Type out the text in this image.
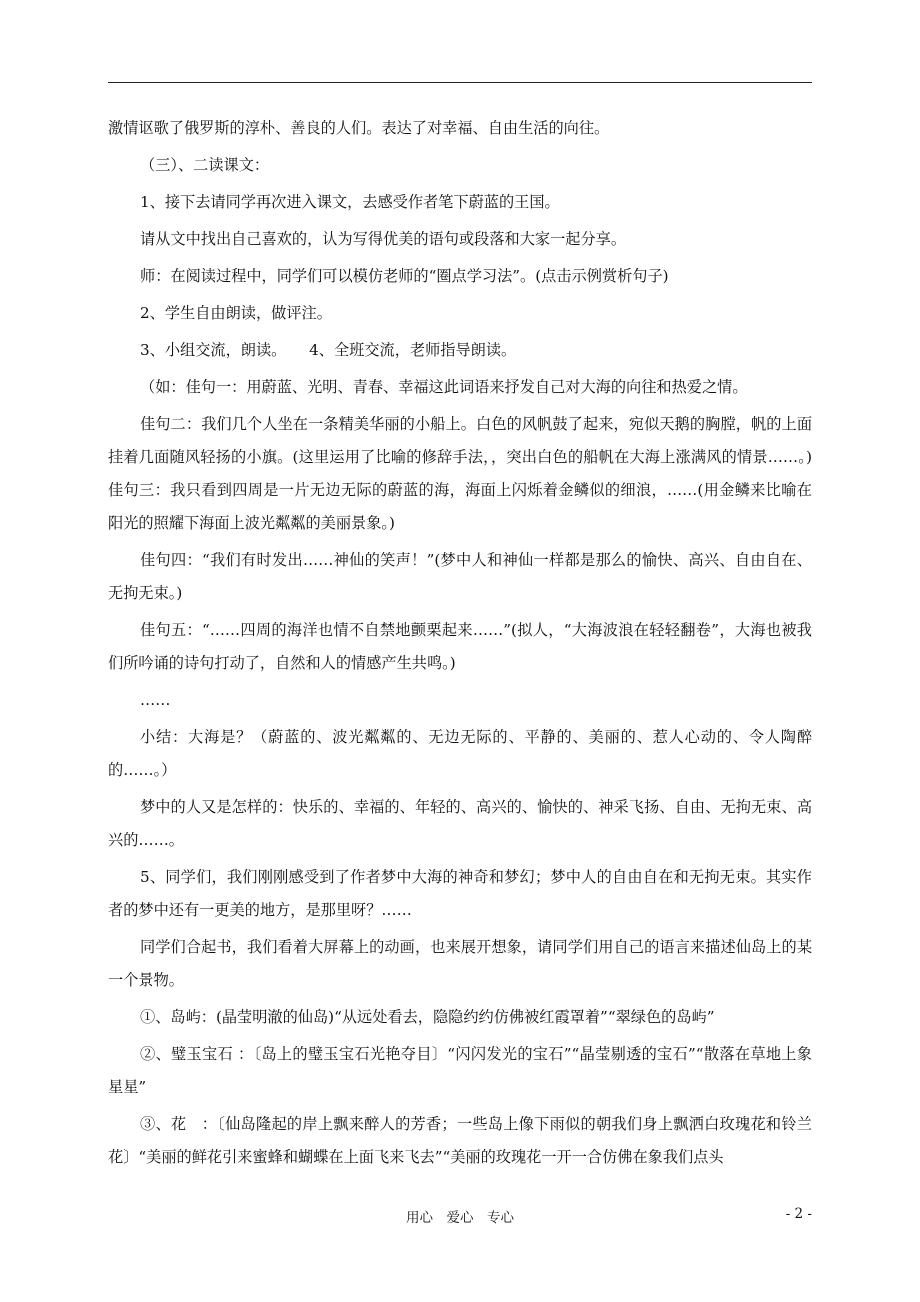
激情讴歌了俄罗斯的淳朴、善良的人们。表达了对幸福、自由生活的向往。

（三）、二读课文：

1、接下去请同学再次进入课文，去感受作者笔下蔚蓝的王国。

请从文中找出自己喜欢的，认为写得优美的语句或段落和大家一起分享。

师：在阅读过程中，同学们可以模仿老师的“圈点学习法”。(点击示例赏析句子)

2、学生自由朗读，做评注。

3、小组交流，朗读。　　4、全班交流，老师指导朗读。

（如：佳句一：用蔚蓝、光明、青春、幸福这此词语来抒发自己对大海的向往和热爱之情。

佳句二：我们几个人坐在一条精美华丽的小船上。白色的风帆鼓了起来，宛似天鹅的胸膛，帆的上面挂着几面随风轻扬的小旗。(这里运用了比喻的修辞手法，，突出白色的船帆在大海上涨满风的情景……。)　　佳句三：我只看到四周是一片无边无际的蔚蓝的海，海面上闪烁着金鳞似的细浪，……(用金鳞来比喻在阳光的照耀下海面上波光粼粼的美丽景象。)

佳句四：“我们有时发出……神仙的笑声！”(梦中人和神仙一样都是那么的愉快、高兴、自由自在、无拘无束。)

佳句五：“……四周的海洋也情不自禁地颤栗起来……”(拟人，“大海波浪在轻轻翻卷”，大海也被我们所吟诵的诗句打动了，自然和人的情感产生共鸣。)

……

小结：大海是？（蔚蓝的、波光粼粼的、无边无际的、平静的、美丽的、惹人心动的、令人陶醉的……。）

梦中的人又是怎样的：快乐的、幸福的、年轻的、高兴的、愉快的、神采飞扬、自由、无拘无束、高兴的……。

5、同学们，我们刚刚感受到了作者梦中大海的神奇和梦幻；梦中人的自由自在和无拘无束。其实作者的梦中还有一更美的地方，是那里呀？……

同学们合起书，我们看着大屏幕上的动画，也来展开想象，请同学们用自己的语言来描述仙岛上的某一个景物。

①、岛屿：(晶莹明澈的仙岛)“从远处看去，隐隐约约仿佛被红霞罩着”“翠绿色的岛屿”

②、璧玉宝石 ：〔岛上的璧玉宝石光艳夺目〕“闪闪发光的宝石”“晶莹剔透的宝石”“散落在草地上象星星”

③、花　：〔仙岛隆起的岸上飘来醉人的芳香；一些岛上像下雨似的朝我们身上飘洒白玫瑰花和铃兰花〕“美丽的鲜花引来蜜蜂和蝴蝶在上面飞来飞去”“美丽的玫瑰花一开一合仿佛在象我们点头

用心　爱心　专心	- 2 -
